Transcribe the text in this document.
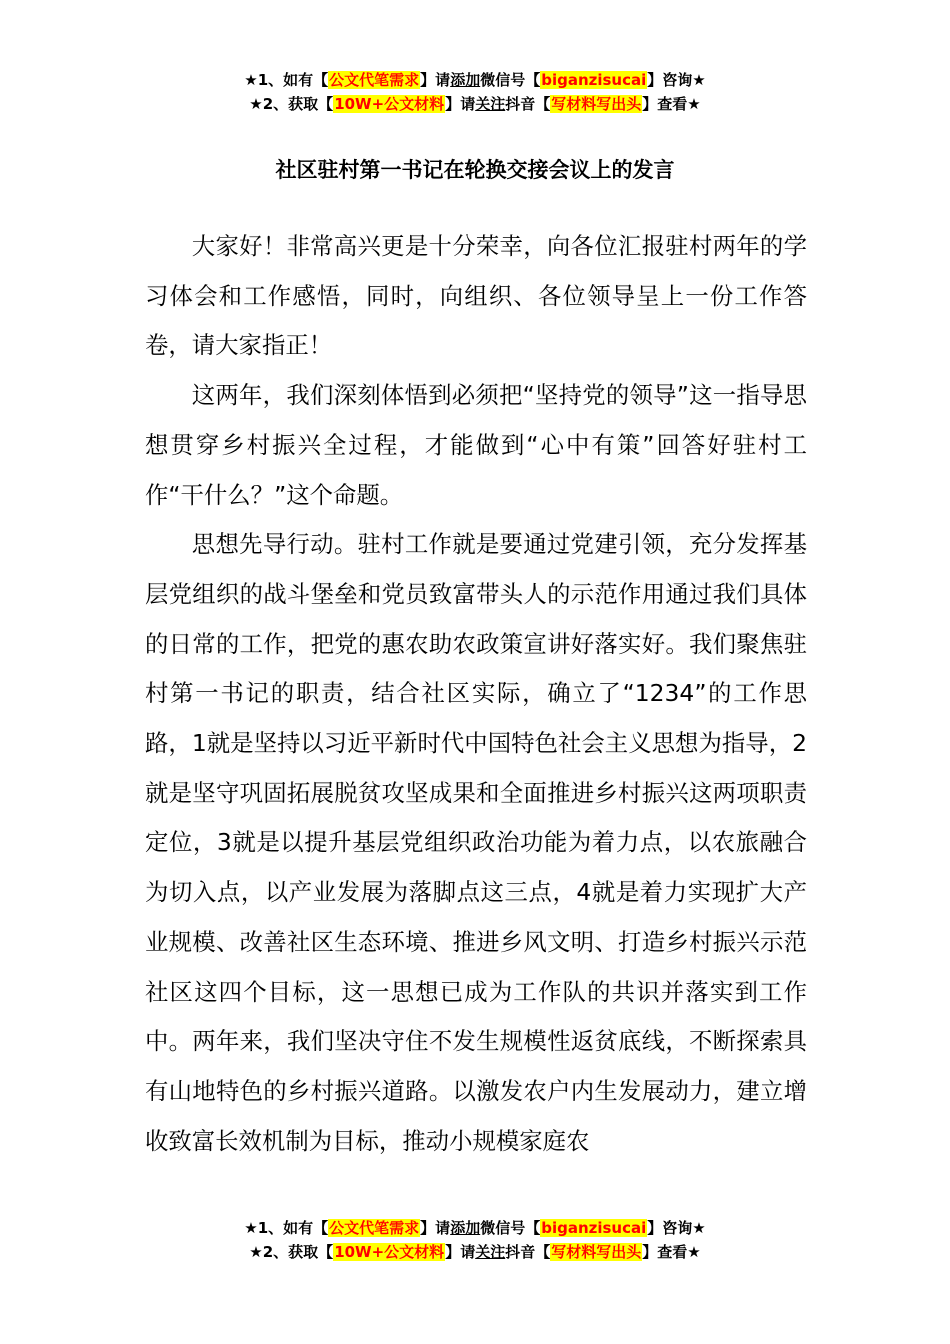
★1、如有【公文代笔需求】请添加微信号【biganzisucai】咨询★
★2、获取【10W+公文材料】请关注抖音【写材料写出头】查看★
社区驻村第一书记在轮换交接会议上的发言

大家好！非常高兴更是十分荣幸，向各位汇报驻村两年的学习体会和工作感悟，同时，向组织、各位领导呈上一份工作答卷，请大家指正！

这两年，我们深刻体悟到必须把“坚持党的领导”这一指导思想贯穿乡村振兴全过程，才能做到“心中有策”回答好驻村工作“干什么？”这个命题。

思想先导行动。驻村工作就是要通过党建引领，充分发挥基层党组织的战斗堡垒和党员致富带头人的示范作用通过我们具体的日常的工作，把党的惠农助农政策宣讲好落实好。我们聚焦驻村第一书记的职责，结合社区实际，确立了“1234”的工作思路，1就是坚持以习近平新时代中国特色社会主义思想为指导，2就是坚守巩固拓展脱贫攻坚成果和全面推进乡村振兴这两项职责定位，3就是以提升基层党组织政治功能为着力点，以农旅融合为切入点，以产业发展为落脚点这三点，4就是着力实现扩大产业规模、改善社区生态环境、推进乡风文明、打造乡村振兴示范社区这四个目标，这一思想已成为工作队的共识并落实到工作中。两年来，我们坚决守住不发生规模性返贫底线，不断探索具有山地特色的乡村振兴道路。以激发农户内生发展动力，建立增收致富长效机制为目标，推动小规模家庭农

★1、如有【公文代笔需求】请添加微信号【biganzisucai】咨询★
★2、获取【10W+公文材料】请关注抖音【写材料写出头】查看★
